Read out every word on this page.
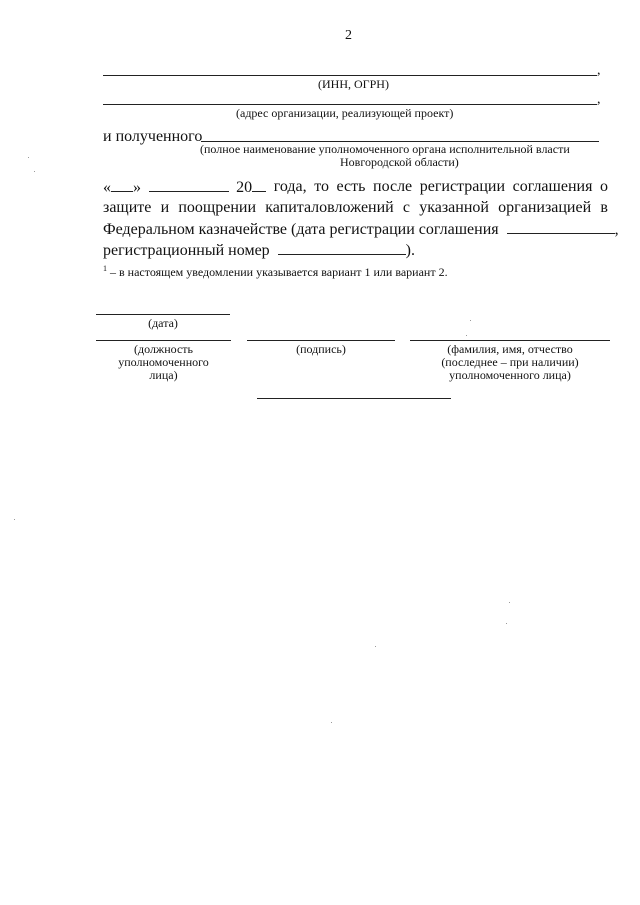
2
,
(ИНН, ОГРН)
,
(адрес организации, реализующей проект)
и полученного
(полное наименование уполномоченного органа исполнительной власти
Новгородской области)
« »	20	года, то есть после регистрации соглашения о
защите и поощрении капиталовложений с указанной организацией в
Федеральном казначействе (дата регистрации соглашения	,
регистрационный номер	).
$^1$ – в настоящем уведомлении указывается вариант 1 или вариант 2.
(дата)
(должность
уполномоченного
лица)
(подпись)	(фамилия, имя, отчество
(последнее – при наличии)
уполномоченного лица)
